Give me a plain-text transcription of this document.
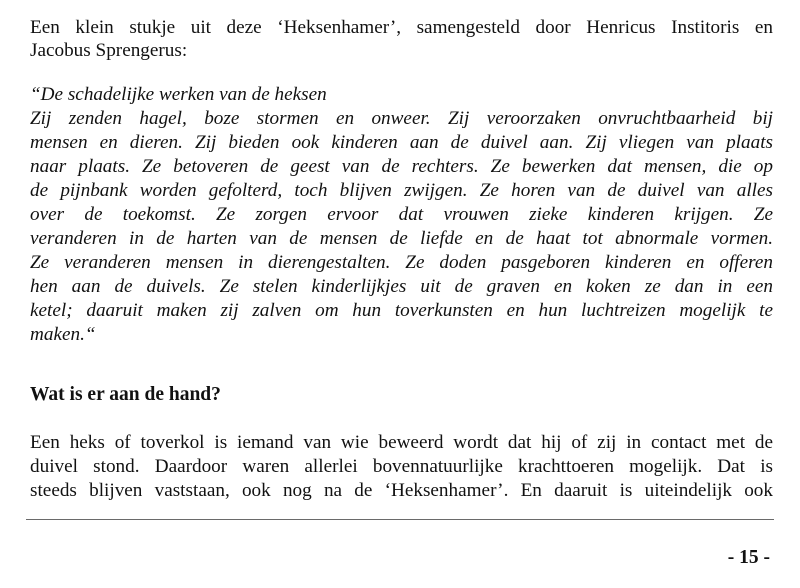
Een klein stukje uit deze ‘Heksenhamer’, samengesteld door Henricus Institoris en
Jacobus Sprengerus:
“De schadelijke werken van de heksen
Zij zenden hagel, boze stormen en onweer. Zij veroorzaken onvruchtbaarheid bij
mensen en dieren. Zij bieden ook kinderen aan de duivel aan. Zij vliegen van plaats
naar plaats. Ze betoveren de geest van de rechters. Ze bewerken dat mensen, die op
de pijnbank worden gefolterd, toch blijven zwijgen. Ze horen van de duivel van alles
over de toekomst. Ze zorgen ervoor dat vrouwen zieke kinderen krijgen. Ze
veranderen in de harten van de mensen de liefde en de haat tot abnormale vormen.
Ze veranderen mensen in dierengestalten. Ze doden pasgeboren kinderen en offeren
hen aan de duivels. Ze stelen kinderlijkjes uit de graven en koken ze dan in een
ketel; daaruit maken zij zalven om hun toverkunsten en hun luchtreizen mogelijk te
maken.“
Wat is er aan de hand?
Een heks of toverkol is iemand van wie beweerd wordt dat hij of zij in contact met de
duivel stond. Daardoor waren allerlei bovennatuurlijke krachttoeren mogelijk. Dat is
steeds blijven vaststaan, ook nog na de ‘Heksenhamer’. En daaruit is uiteindelijk ook
- 15 -
